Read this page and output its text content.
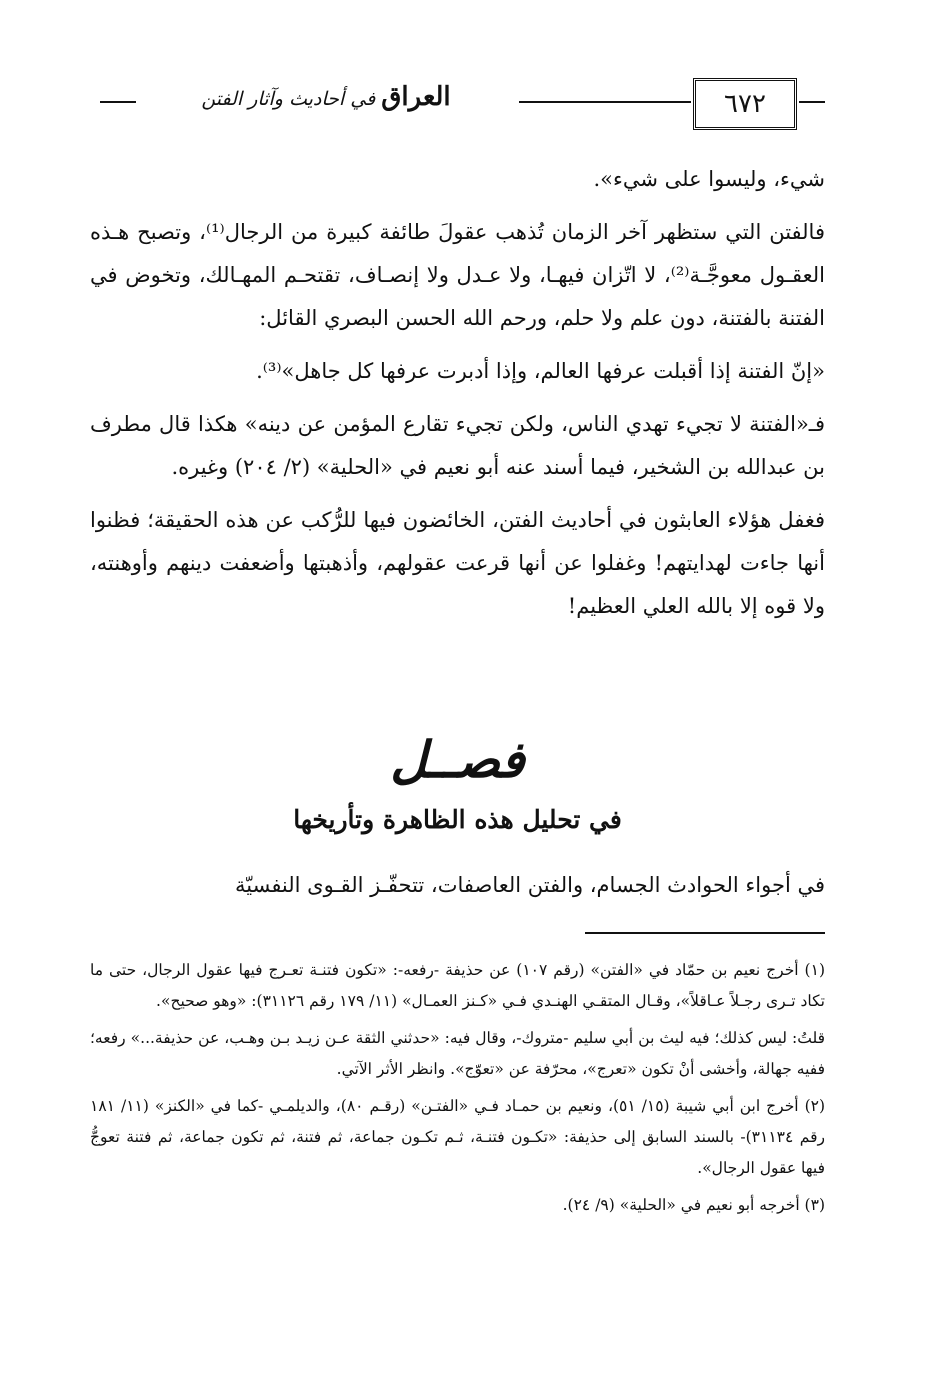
٦٧٢
العراق في أحاديث وآثار الفتن

شيء، وليسوا على شيء».

فالفتن التي ستظهر آخر الزمان تُذهب عقولَ طائفة كبيرة من الرجال⁽¹⁾، وتصبح هـذه العقـول معوجَّـة⁽²⁾، لا اتّزان فيهـا، ولا عـدل ولا إنصـاف، تقتحـم المهـالك، وتخوض في الفتنة بالفتنة، دون علم ولا حلم، ورحم الله الحسن البصري القائل:

«إنّ الفتنة إذا أقبلت عرفها العالم، وإذا أدبرت عرفها كل جاهل»⁽³⁾.

فـ«الفتنة لا تجيء تهدي الناس، ولكن تجيء تقارع المؤمن عن دينه» هكذا قال مطرف بن عبدالله بن الشخير، فيما أسند عنه أبو نعيم في «الحلية» (٢/ ٢٠٤) وغيره.

فغفل هؤلاء العابثون في أحاديث الفتن، الخائضون فيها للرُّكب عن هذه الحقيقة؛ فظنوا أنها جاءت لهدايتهم! وغفلوا عن أنها قرعت عقولهم، وأذهبتها وأضعفت دينهم وأوهنته، ولا قوه إلا بالله العلي العظيم!

فصــل
في تحليل هذه الظاهرة وتأريخها
في أجواء الحوادث الجسام، والفتن العاصفات، تتحفّـز القـوى النفسيّة

(١) أخرج نعيم بن حمّاد في «الفتن» (رقم ١٠٧) عن حذيفة -رفعه-: «تكون فتنـة تعـرج فيها عقول الرجال، حتى ما تكاد تـرى رجـلاً عـاقلاً»، وقـال المتقـي الهنـدي فـي «كـنز العمـال» (١١/ ١٧٩ رقم ٣١١٢٦): «وهو صحيح».

قلتُ: ليس كذلك؛ فيه ليث بن أبي سليم -متروك-، وقال فيه: «حدثني الثقة عـن زيـد بـن وهـب، عن حذيفة...» رفعه؛ ففيه جهالة، وأخشى أنْ تكون «تعرج»، محرّفة عن «تعوّج». وانظر الأثر الآتي.

(٢) أخرج ابن أبي شيبة (١٥/ ٥١)، ونعيم بن حمـاد فـي «الفتـن» (رقـم ٨٠)، والديلمـي -كما في «الكنز» (١١/ ١٨١ رقم ٣١١٣٤)- بالسند السابق إلى حذيفة: «تكـون فتنـة، ثـم تكـون جماعة، ثم فتنة، ثم تكون جماعة، ثم فتنة تعوجُّ فيها عقول الرجال».

(٣) أخرجه أبو نعيم في «الحلية» (٩/ ٢٤).
